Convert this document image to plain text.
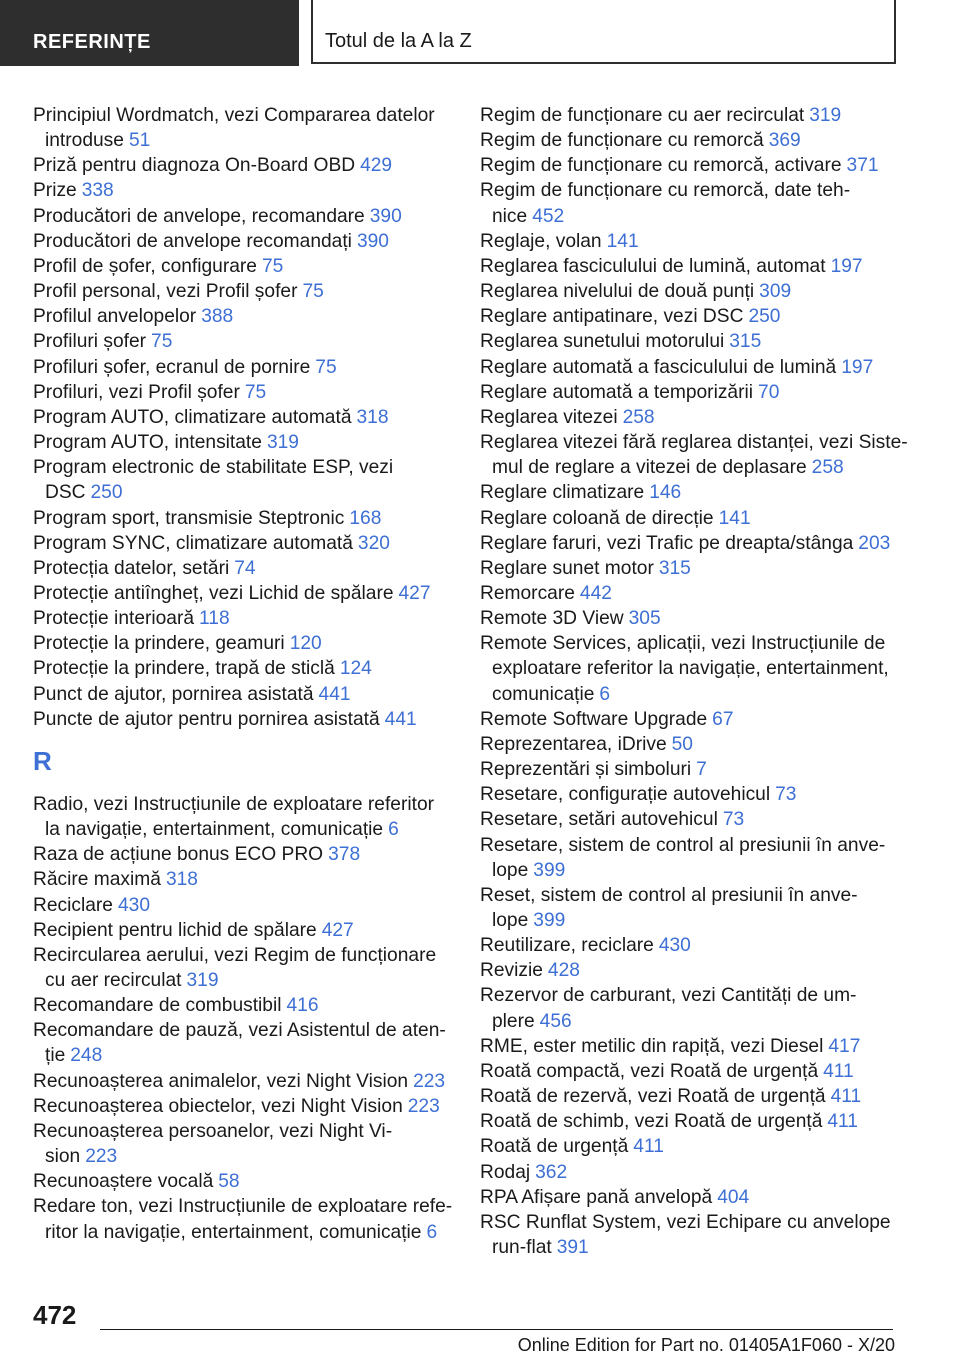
REFERINȚE	Totul de la A la Z
Principiul Wordmatch, vezi Compararea datelor introduse 51
Priză pentru diagnoza On-Board OBD 429
Prize 338
Producători de anvelope, recomandare 390
Producători de anvelope recomandați 390
Profil de șofer, configurare 75
Profil personal, vezi Profil șofer 75
Profilul anvelopelor 388
Profiluri șofer 75
Profiluri șofer, ecranul de pornire 75
Profiluri, vezi Profil șofer 75
Program AUTO, climatizare automată 318
Program AUTO, intensitate 319
Program electronic de stabilitate ESP, vezi DSC 250
Program sport, transmisie Steptronic 168
Program SYNC, climatizare automată 320
Protecția datelor, setări 74
Protecție antiîngheț, vezi Lichid de spălare 427
Protecție interioară 118
Protecție la prindere, geamuri 120
Protecție la prindere, trapă de sticlă 124
Punct de ajutor, pornirea asistată 441
Puncte de ajutor pentru pornirea asistată 441
R
Radio, vezi Instrucțiunile de exploatare referitor la navigație, entertainment, comunicație 6
Raza de acțiune bonus ECO PRO 378
Răcire maximă 318
Reciclare 430
Recipient pentru lichid de spălare 427
Recircularea aerului, vezi Regim de funcționare cu aer recirculat 319
Recomandare de combustibil 416
Recomandare de pauză, vezi Asistentul de aten-ție 248
Recunoașterea animalelor, vezi Night Vision 223
Recunoașterea obiectelor, vezi Night Vision 223
Recunoașterea persoanelor, vezi Night Vi-sion 223
Recunoaștere vocală 58
Redare ton, vezi Instrucțiunile de exploatare refe-ritor la navigație, entertainment, comunicație 6
Regim de funcționare cu aer recirculat 319
Regim de funcționare cu remorcă 369
Regim de funcționare cu remorcă, activare 371
Regim de funcționare cu remorcă, date teh-nice 452
Reglaje, volan 141
Reglarea fasciculului de lumină, automat 197
Reglarea nivelului de două punți 309
Reglare antipatinare, vezi DSC 250
Reglarea sunetului motorului 315
Reglare automată a fasciculului de lumină 197
Reglare automată a temporizării 70
Reglarea vitezei 258
Reglarea vitezei fără reglarea distanței, vezi Siste-mul de reglare a vitezei de deplasare 258
Reglare climatizare 146
Reglare coloană de direcție 141
Reglare faruri, vezi Trafic pe dreapta/stânga 203
Reglare sunet motor 315
Remorcare 442
Remote 3D View 305
Remote Services, aplicații, vezi Instrucțiunile de exploatare referitor la navigație, entertainment, comunicație 6
Remote Software Upgrade 67
Reprezentarea, iDrive 50
Reprezentări și simboluri 7
Resetare, configurație autovehicul 73
Resetare, setări autovehicul 73
Resetare, sistem de control al presiunii în anve-lope 399
Reset, sistem de control al presiunii în anve-lope 399
Reutilizare, reciclare 430
Revizie 428
Rezervor de carburant, vezi Cantități de um-plere 456
RME, ester metilic din rapiță, vezi Diesel 417
Roată compactă, vezi Roată de urgență 411
Roată de rezervă, vezi Roată de urgență 411
Roată de schimb, vezi Roată de urgență 411
Roată de urgență 411
Rodaj 362
RPA Afișare pană anvelopă 404
RSC Runflat System, vezi Echipare cu anvelope run-flat 391
472
Online Edition for Part no. 01405A1F060 - X/20
